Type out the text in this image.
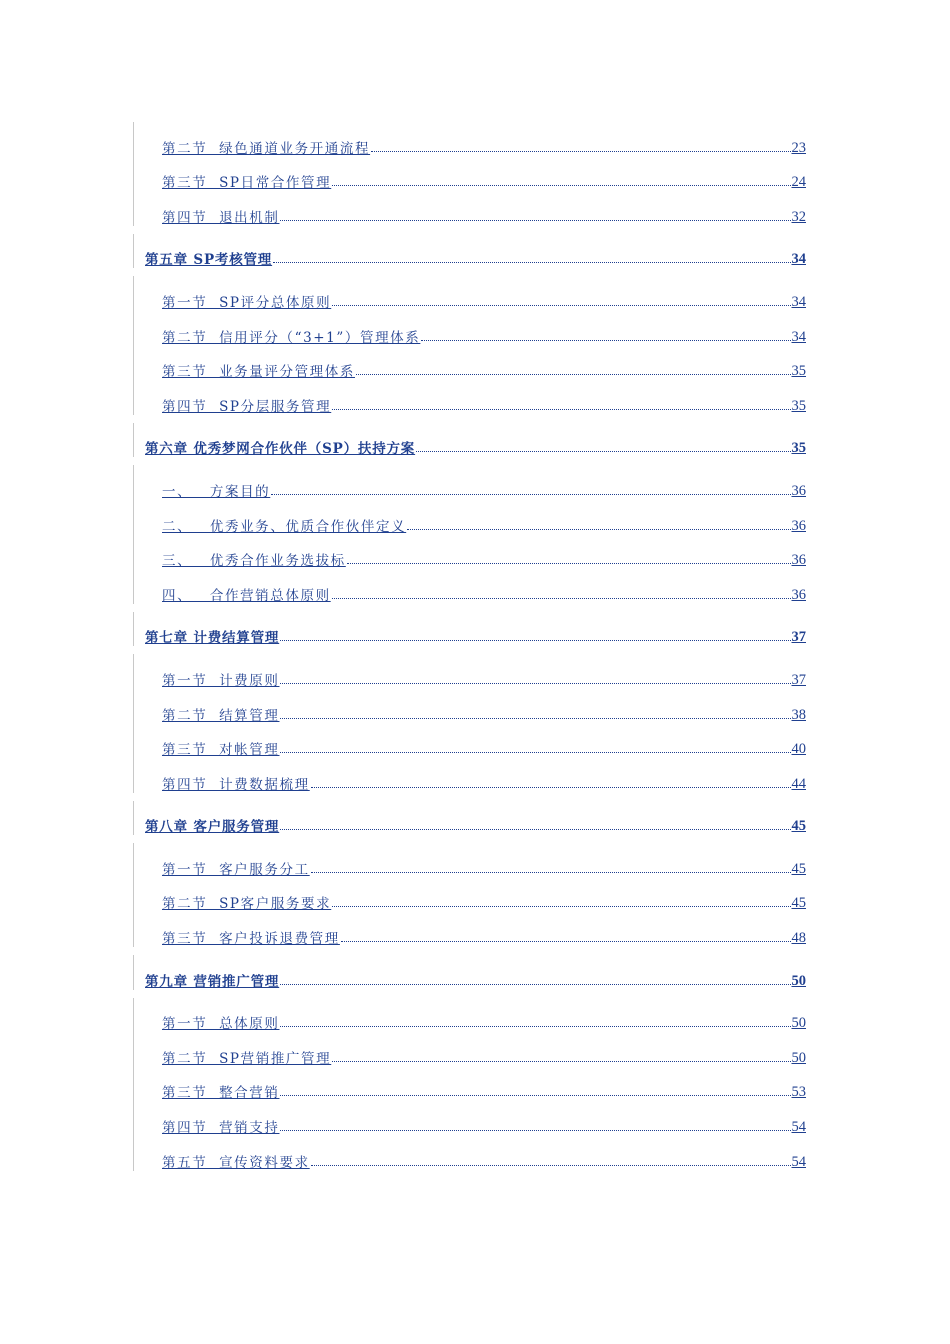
第二节  绿色通道业务开通流程	23
第三节  SP日常合作管理	24
第四节  退出机制	32
第五章 SP考核管理	34
第一节  SP评分总体原则	34
第二节  信用评分（“3+1”）管理体系	34
第三节  业务量评分管理体系	35
第四节  SP分层服务管理	35
第六章 优秀梦网合作伙伴（SP）扶持方案	35
一、   方案目的	36
二、   优秀业务、优质合作伙伴定义	36
三、   优秀合作业务选拔标	36
四、   合作营销总体原则	36
第七章 计费结算管理	37
第一节  计费原则	37
第二节  结算管理	38
第三节  对帐管理	40
第四节  计费数据梳理	44
第八章 客户服务管理	45
第一节  客户服务分工	45
第二节  SP客户服务要求	45
第三节  客户投诉退费管理	48
第九章 营销推广管理	50
第一节  总体原则	50
第二节  SP营销推广管理	50
第三节  整合营销	53
第四节  营销支持	54
第五节  宣传资料要求	54
